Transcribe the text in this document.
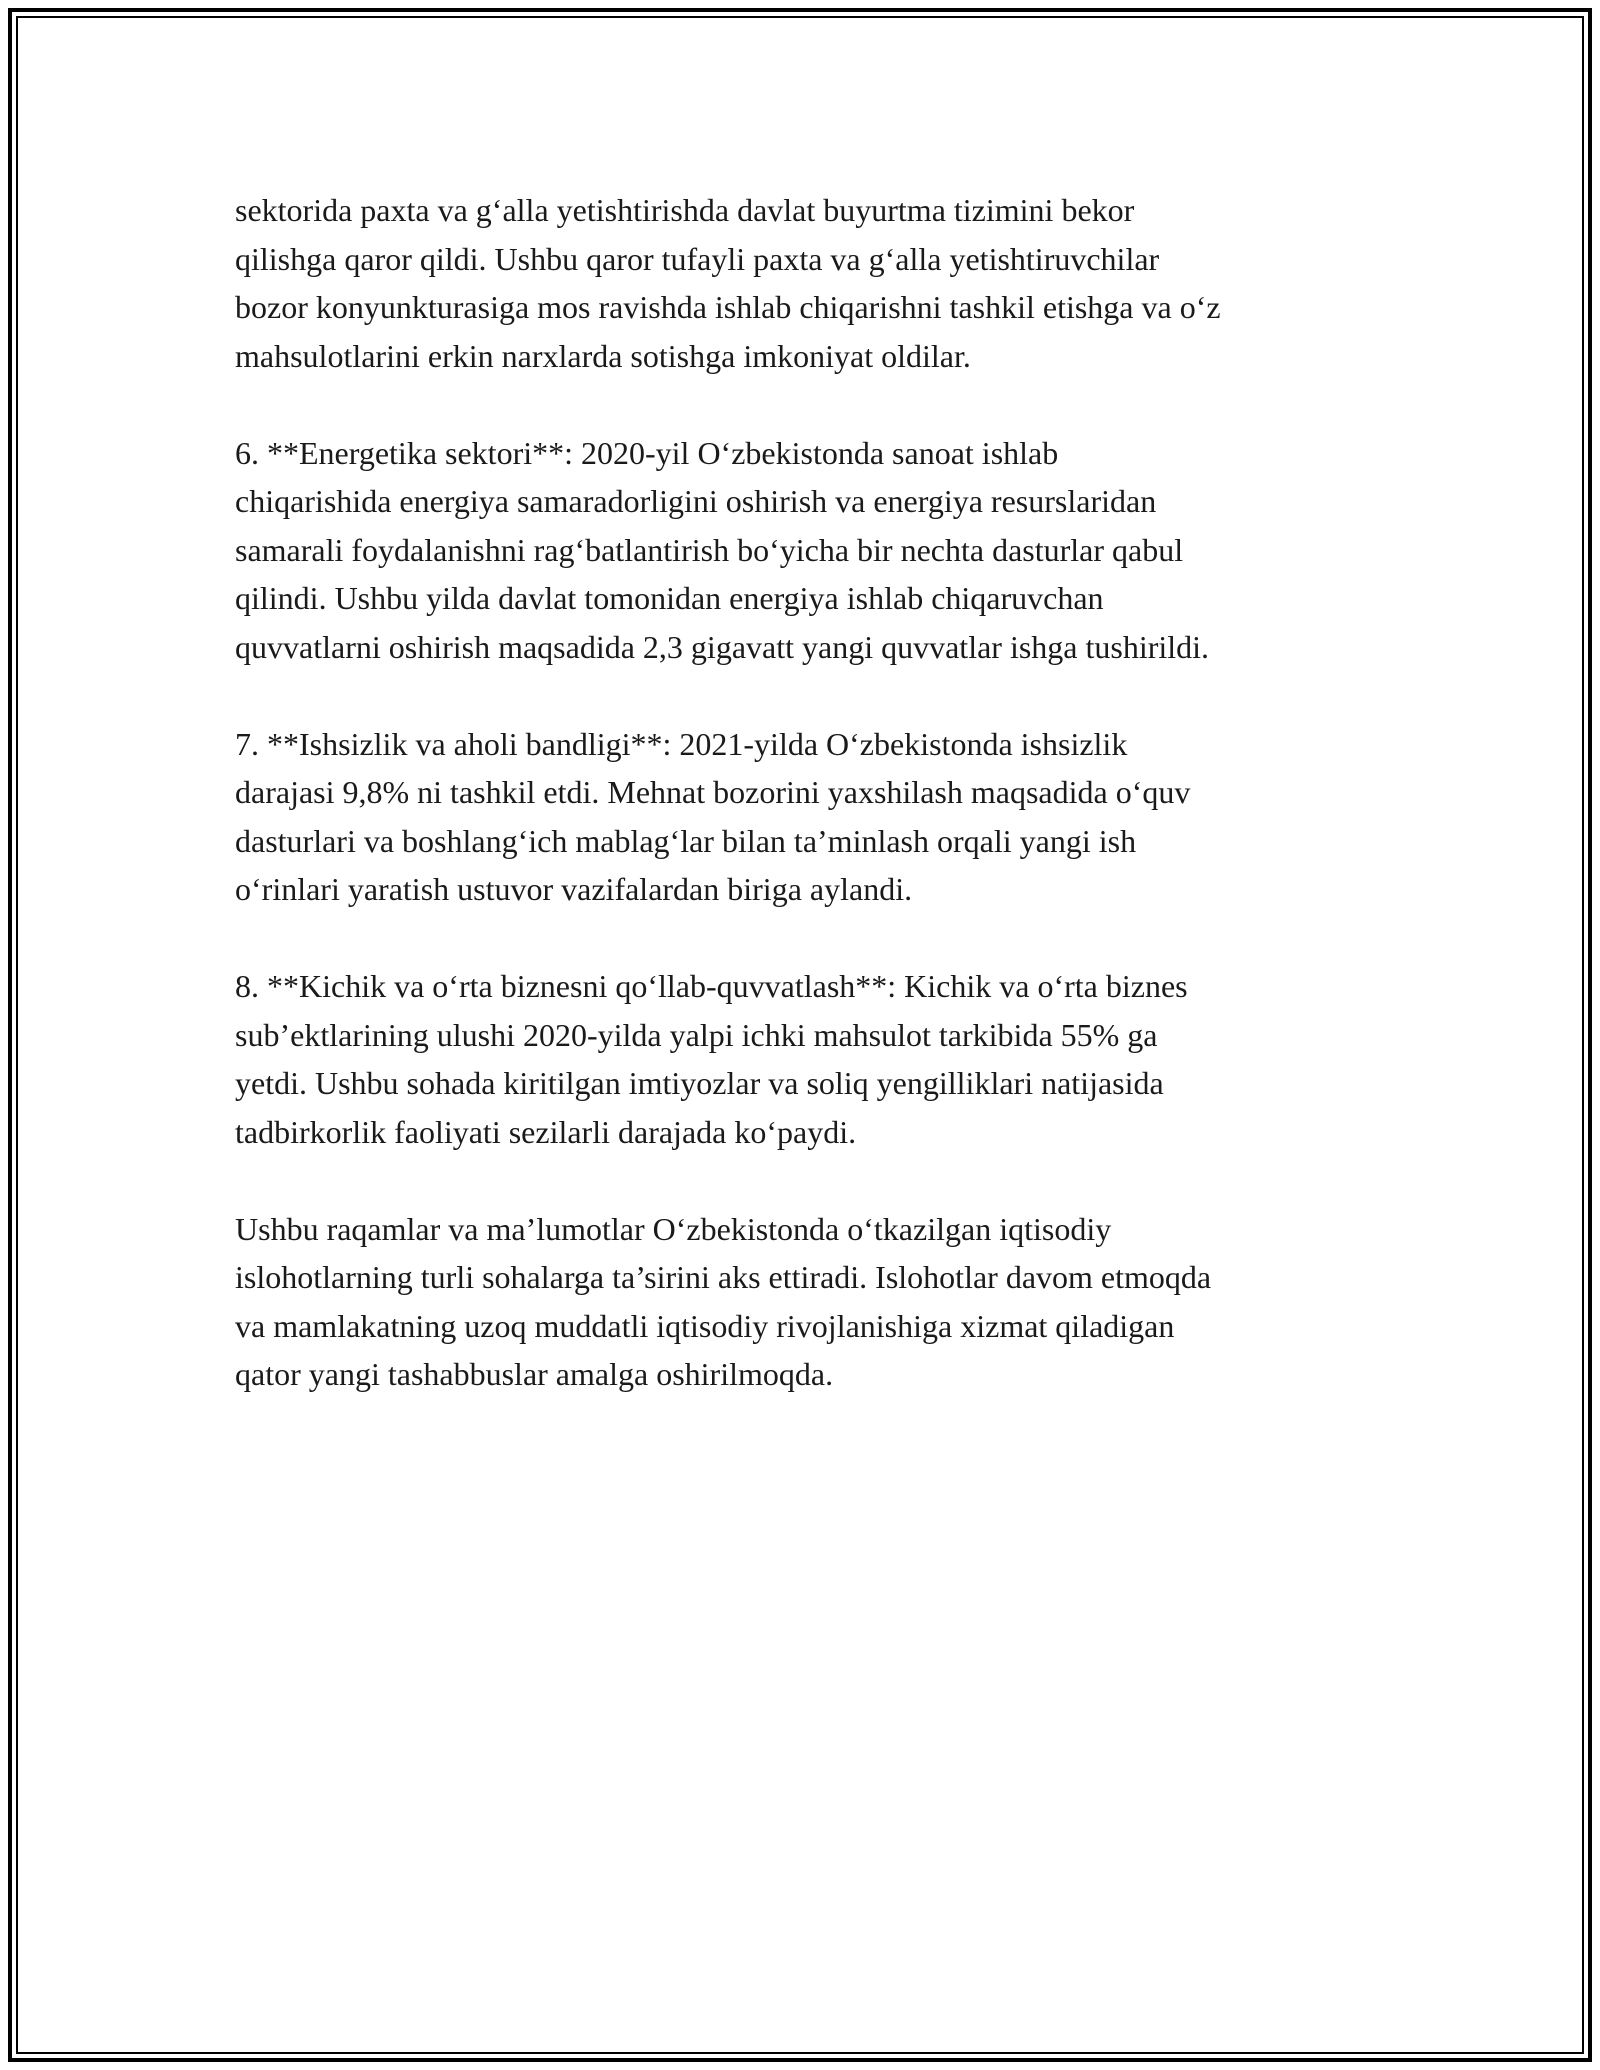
sektorida paxta va g‘alla yetishtirishda davlat buyurtma tizimini bekor
qilishga qaror qildi. Ushbu qaror tufayli paxta va g‘alla yetishtiruvchilar
bozor konyunkturasiga mos ravishda ishlab chiqarishni tashkil etishga va o‘z
mahsulotlarini erkin narxlarda sotishga imkoniyat oldilar.

6. **Energetika sektori**: 2020-yil O‘zbekistonda sanoat ishlab
chiqarishida energiya samaradorligini oshirish va energiya resurslaridan
samarali foydalanishni rag‘batlantirish bo‘yicha bir nechta dasturlar qabul
qilindi. Ushbu yilda davlat tomonidan energiya ishlab chiqaruvchan
quvvatlarni oshirish maqsadida 2,3 gigavatt yangi quvvatlar ishga tushirildi.

7. **Ishsizlik va aholi bandligi**: 2021-yilda O‘zbekistonda ishsizlik
darajasi 9,8% ni tashkil etdi. Mehnat bozorini yaxshilash maqsadida o‘quv
dasturlari va boshlang‘ich mablag‘lar bilan ta’minlash orqali yangi ish
o‘rinlari yaratish ustuvor vazifalardan biriga aylandi.

8. **Kichik va o‘rta biznesni qo‘llab-quvvatlash**: Kichik va o‘rta biznes
sub’ektlarining ulushi 2020-yilda yalpi ichki mahsulot tarkibida 55% ga
yetdi. Ushbu sohada kiritilgan imtiyozlar va soliq yengilliklari natijasida
tadbirkorlik faoliyati sezilarli darajada ko‘paydi.

Ushbu raqamlar va ma’lumotlar O‘zbekistonda o‘tkazilgan iqtisodiy
islohotlarning turli sohalarga ta’sirini aks ettiradi. Islohotlar davom etmoqda
va mamlakatning uzoq muddatli iqtisodiy rivojlanishiga xizmat qiladigan
qator yangi tashabbuslar amalga oshirilmoqda.
